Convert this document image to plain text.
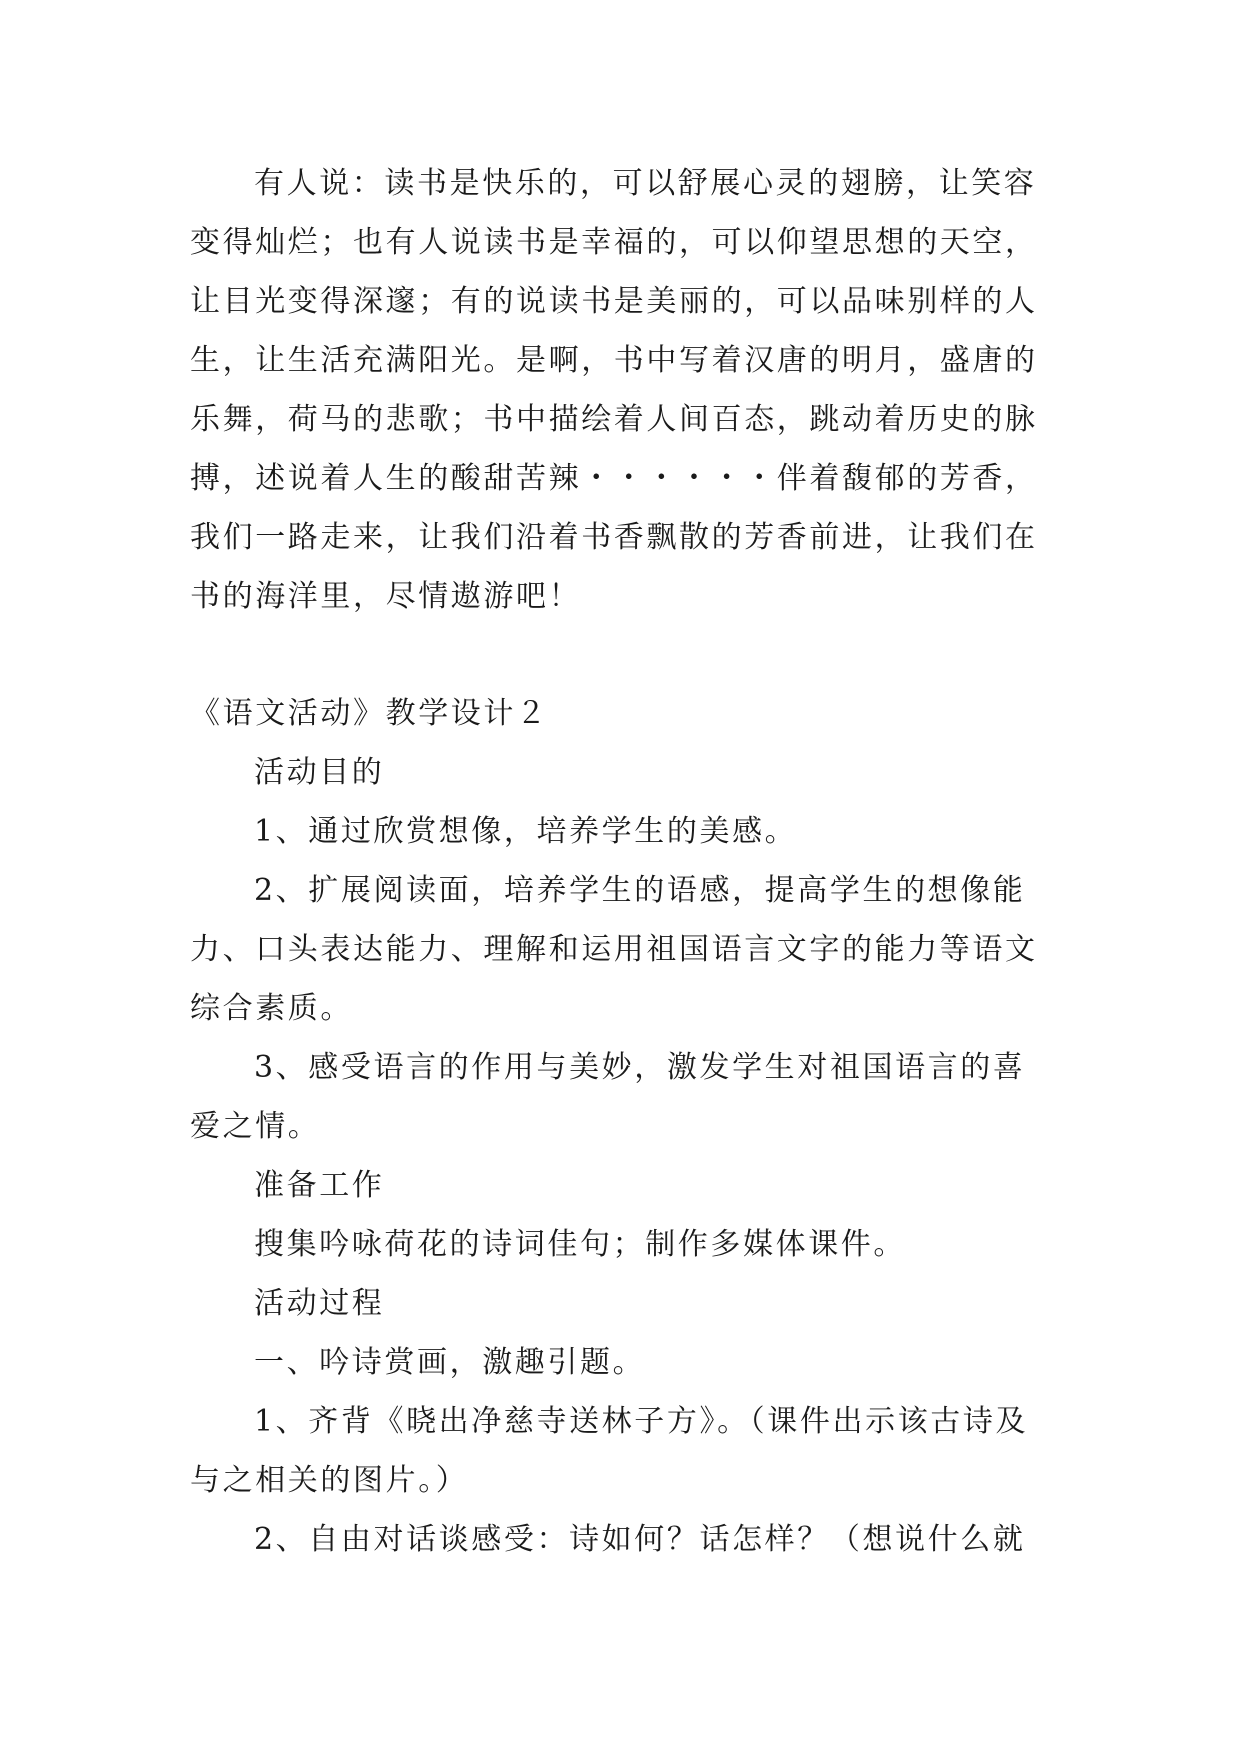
有人说：读书是快乐的，可以舒展心灵的翅膀，让笑容
变得灿烂；也有人说读书是幸福的，可以仰望思想的天空，
让目光变得深邃；有的说读书是美丽的，可以品味别样的人
生，让生活充满阳光。是啊，书中写着汉唐的明月，盛唐的
乐舞，荷马的悲歌；书中描绘着人间百态，跳动着历史的脉
搏，述说着人生的酸甜苦辣・・・・・・伴着馥郁的芳香，
我们一路走来，让我们沿着书香飘散的芳香前进，让我们在
书的海洋里，尽情遨游吧！
《语文活动》教学设计２
活动目的
1、通过欣赏想像，培养学生的美感。
2、扩展阅读面，培养学生的语感，提高学生的想像能
力、口头表达能力、理解和运用祖国语言文字的能力等语文
综合素质。
3、感受语言的作用与美妙，激发学生对祖国语言的喜
爱之情。
准备工作
搜集吟咏荷花的诗词佳句；制作多媒体课件。
活动过程
一、吟诗赏画，激趣引题。
1、齐背《晓出净慈寺送林子方》。（课件出示该古诗及
与之相关的图片。）
2、自由对话谈感受：诗如何？话怎样？（想说什么就
